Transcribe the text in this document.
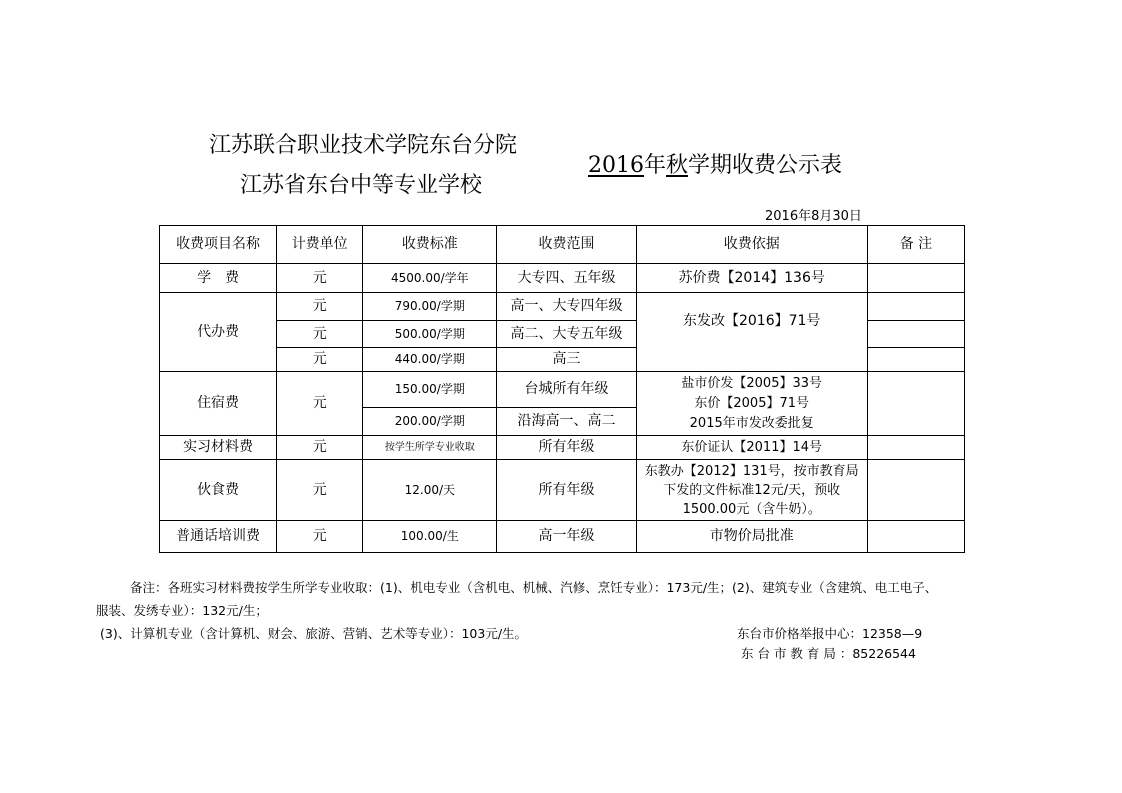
江苏联合职业技术学院东台分院
江苏省东台中等专业学校
2016年秋学期收费公示表
2016年8月30日
收费项目名称	计费单位	收费标准	收费范围	收费依据	备 注
学　费	元	4500.00/学年	大专四、五年级	苏价费【2014】136号	
代办费	元	790.00/学期	高一、大专四年级	东发改【2016】71号	
	元	500.00/学期	高二、大专五年级		
	元	440.00/学期	高三		
住宿费	元	150.00/学期	台城所有年级	盐市价发【2005】33号
东价【2005】71号
2015年市发改委批复	

		200.00/学期	沿海高一、高二		
实习材料费	元	按学生所学专业收取	所有年级	东价证认【2011】14号	
伙食费	元	12.00/天	所有年级	东教办【2012】131号，按市教育局
下发的文件标准12元/天，预收
1500.00元（含牛奶）。	

普通话培训费	元	100.00/生	高一年级	市物价局批准	
备注：各班实习材料费按学生所学专业收取：(1)、机电专业（含机电、机械、汽修、烹饪专业）：173元/生；(2)、建筑专业（含建筑、电工电子、
服装、发绣专业）：132元/生；
(3)、计算机专业（含计算机、财会、旅游、营销、艺术等专业）：103元/生。	东台市价格举报中心：12358—9
东 台 市 教 育 局 ：85226544
